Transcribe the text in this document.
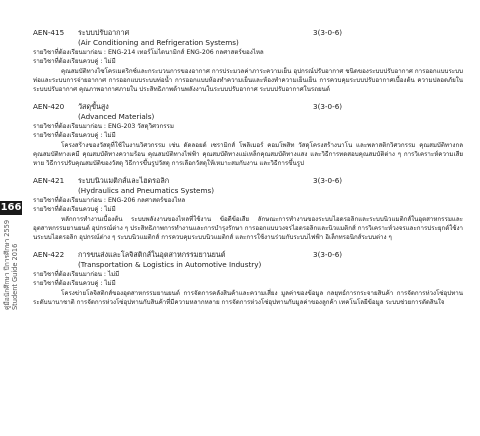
166
คู่มือนักศึกษา ปีการศึกษา 2559 Student Guide 2016
AEN-415 ระบบปรับอากาศ	3(3-0-6)
(Air Conditioning and Refrigeration Systems)
รายวิชาที่ต้องเรียนมาก่อน : ENG-214 เทอร์โมไดนามิกส์ ENG-206 กลศาสตร์ของไหล
รายวิชาที่ต้องเรียนควบคู่ : ไม่มี

คุณสมบัติทางไซโครเมตริกซ์และกระบวนการของอากาศ การประมวลค่าภาระความเย็น อุปกรณ์ปรับอากาศ ชนิดของระบบปรับอากาศ การออกแบบระบบท่อและระบบการจ่ายอากาศ การออกแบบระบบท่อน้ำ การออกแบบห้องทำความเย็นและห้องทำความเย็นเย็น การควบคุมระบบปรับอากาศเบื้องต้น ความปลอดภัยในระบบปรับอากาศ คุณภาพอากาศภายใน ประสิทธิภาพด้านพลังงานในระบบปรับอากาศ ระบบปรับอากาศในรถยนต์

AEN-420 วัสดุขั้นสูง	3(3-0-6)
(Advanced Materials)
รายวิชาที่ต้องเรียนมาก่อน : ENG-203 วัสดุวิศวกรรม
รายวิชาที่ต้องเรียนควบคู่ : ไม่มี

โครงสร้างของวัสดุที่ใช้ในงานวิศวกรรม เช่น ดัดลอยด์ เซรามิกส์ โพลิเมอร์ คอมโพสิท วัสดุโครงสร้างนาโน และพลาสติกวิศวกรรม คุณสมบัติทางกล คุณสมบัติทางเคมี คุณสมบัติทางความร้อน คุณสมบัติทางไฟฟ้า คุณสมบัติทางแม่เหล็กคุณสมบัติทางแสง และวิธีการทดสอบคุณสมบัติต่าง ๆ การวิเคราะห์ความเสียหาย วิธีการปรับคุณสมบัติของวัสดุ วิธีการขึ้นรูปวัสดุ การเลือกวัสดุให้เหมาะสมกับงาน และวิธีการขึ้นรูป

AEN-421 ระบบนิวแมติกส์และไฮดรอลิก	3(3-0-6)
(Hydraulics and Pneumatics Systems)
รายวิชาที่ต้องเรียนมาก่อน : ENG-206 กลศาสตร์ของไหล
รายวิชาที่ต้องเรียนควบคู่ : ไม่มี

หลักการทำงานเบื้องต้น ระบบพลังงานของไหลที่ใช้งาน ข้อดีข้อเสีย ลักษณะการทำงานของระบบไฮดรอลิกและระบบนิวแมติกส์ในอุตสาหกรรมและอุตสาหกรรมยานยนต์ อุปกรณ์ต่าง ๆ ประสิทธิภาพการทำงานและการบำรุงรักษา การออกแบบวงจรไฮดรอลิกและนิวแมติกส์ การวิเคราะห์วงจรและการประยุกต์ใช้งานระบบไฮดรอลิก อุปกรณ์ต่าง ๆ ระบบนิวแมติกส์ การควบคุมระบบนิวแมติกส์ และการใช้งานร่วมกับระบบไฟฟ้า อิเล็กทรอนิกส์ระบบต่าง ๆ

AEN-422 การขนส่งและโลจิสติกส์ในอุตสาหกรรมยานยนต์	3(3-0-6)
(Transportation & Logistics in Automotive Industry)
รายวิชาที่ต้องเรียนมาก่อน : ไม่มี
รายวิชาที่ต้องเรียนควบคู่ : ไม่มี

โครงข่ายโลจิสติกส์ของอุตสาหกรรมยานยนต์ การจัดการคลังสินค้าและความเสี่ยง มูลค่าของข้อมูล กลยุทธ์การกระจายสินค้า การจัดการห่วงโซ่อุปทานระดับนานาชาติ การจัดการห่วงโซ่อุปทานกับสินค้าที่มีความหลากหลาย การจัดการห่วงโซ่อุปทานกับมูลค่าของลูกค้า เทคโนโลยีข้อมูล ระบบช่วยการตัดสินใจ
